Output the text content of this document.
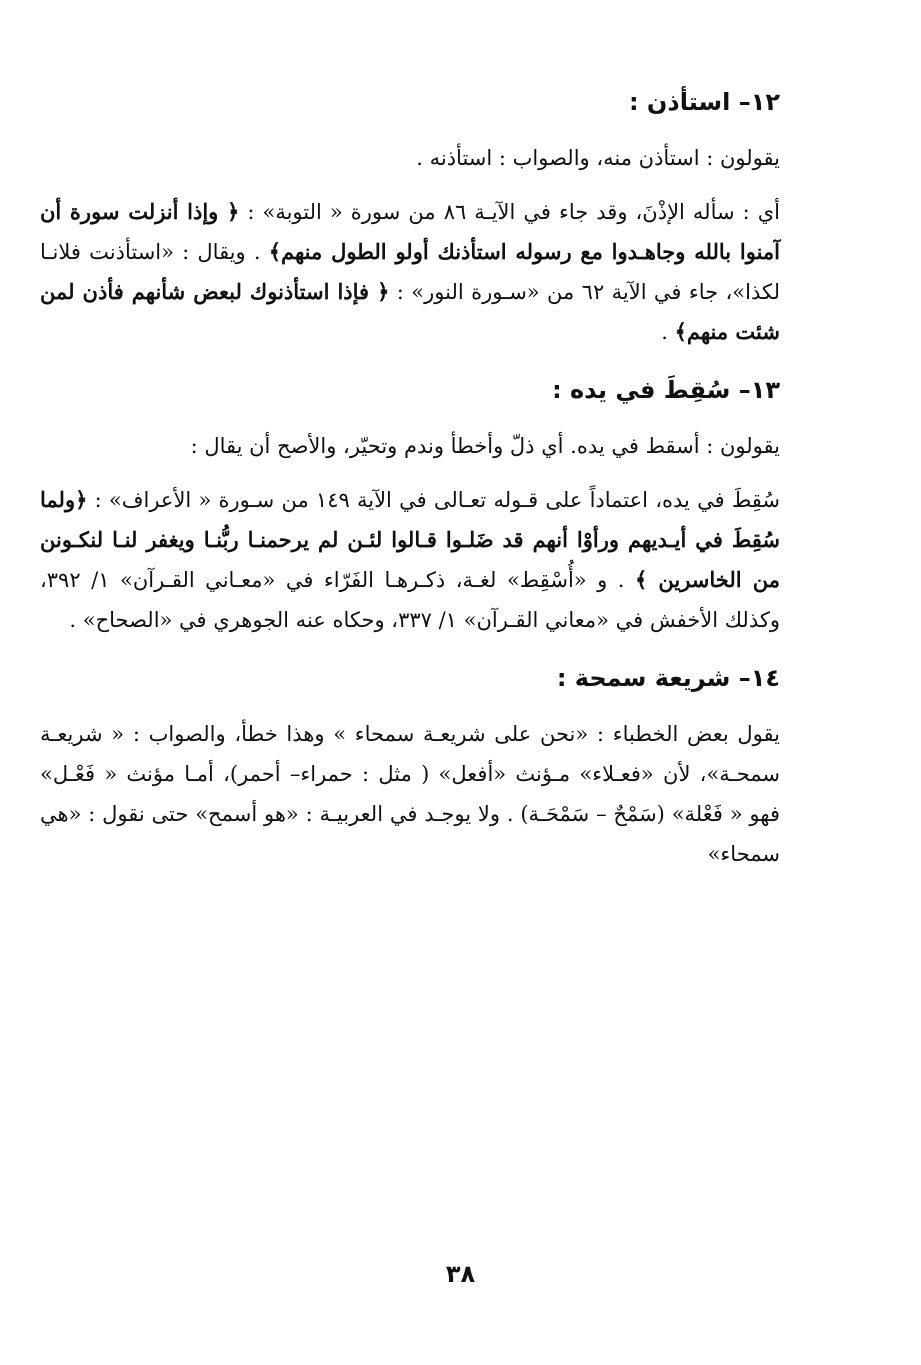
١٢– استأذن :

يقولون : استأذن منه، والصواب : استأذنه .

أي : سأله الإذْنَ، وقد جاء في الآيـة ٨٦ من سورة « التوبة» : ﴿ وإذا أنزلت سورة أن آمنوا بالله وجاهـدوا مع رسوله استأذنك أولو الطول منهم﴾ . ويقال : «استأذنت فلانـا لكذا»، جاء في الآية ٦٢ من «سـورة النور» : ﴿ فإذا استأذنوك لبعض شأنهم فأذن لمن شئت منهم﴾ .

١٣– سُقِطَ في يده :

يقولون : أسقط في يده. أي ذلّ وأخطأ وندم وتحيّر، والأصح أن يقال :

سُقِطَ في يده، اعتماداً على قـوله تعـالى في الآية ١٤٩ من سـورة « الأعراف» : ﴿ولما سُقِطَ في أيـديهم ورأوْا أنهم قد ضَلـوا قـالوا لئـن لم يرحمنـا ربُّنـا ويغفر لنـا لنكـونن من الخاسرين ﴾ . و «أُسْقِط» لغـة، ذكـرهـا الفَرّاء في «معـاني القـرآن» ١/ ٣٩٢، وكذلك الأخفش في «معاني القـرآن» ١/ ٣٣٧، وحكاه عنه الجوهري في «الصحاح» .

١٤– شريعة سمحة :

يقول بعض الخطباء : «نحن على شريعـة سمحاء » وهذا خطأ، والصواب : « شريعـة سمحـة»، لأن «فعـلاء» مـؤنث «أفعل» ( مثل : حمراء– أحمر)، أمـا مؤنث « فَعْـل» فهو « فَعْلة» (سَمْحٌ – سَمْحَـة) . ولا يوجـد في العربيـة : «هو أسمح» حتى نقول : «هي سمحاء»

٣٨
